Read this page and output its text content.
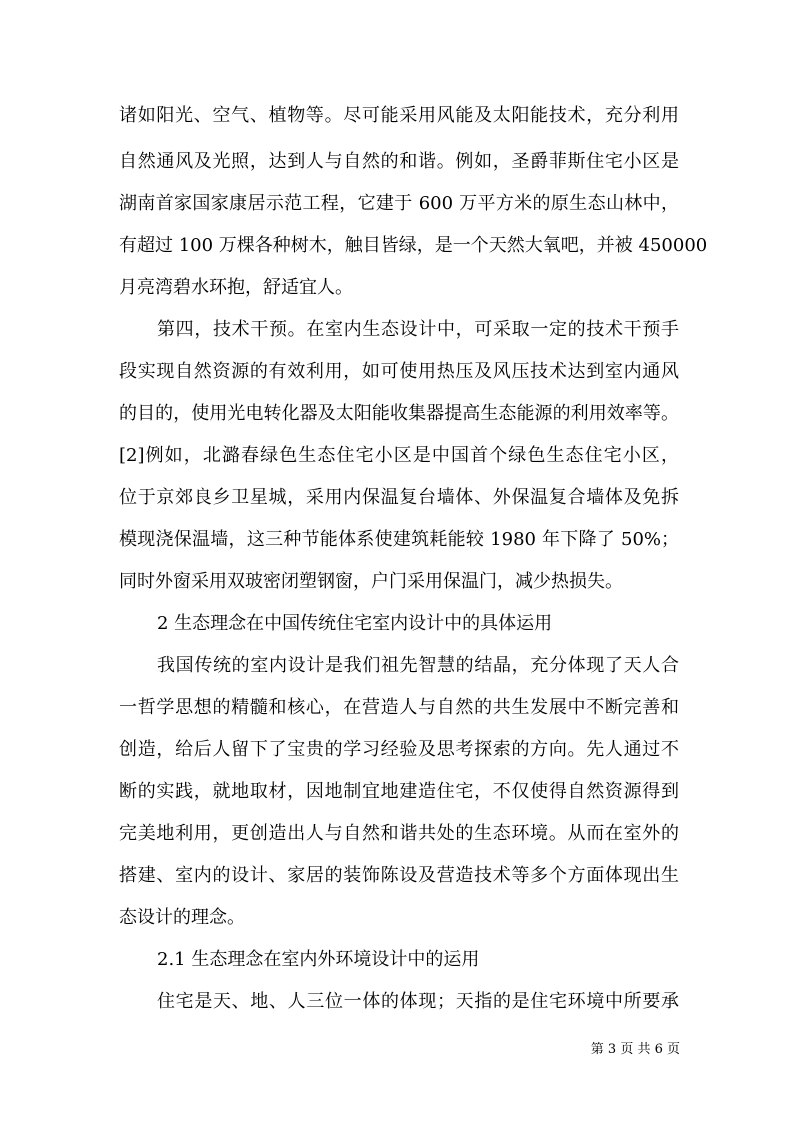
诸如阳光、空气、植物等。尽可能采用风能及太阳能技术，充分利用
自然通风及光照，达到人与自然的和谐。例如，圣爵菲斯住宅小区是
湖南首家国家康居示范工程，它建于 600 万平方米的原生态山林中，
有超过 100 万棵各种树木，触目皆绿，是一个天然大氧吧，并被 450000
月亮湾碧水环抱，舒适宜人。
第四，技术干预。在室内生态设计中，可采取一定的技术干预手
段实现自然资源的有效利用，如可使用热压及风压技术达到室内通风
的目的，使用光电转化器及太阳能收集器提高生态能源的利用效率等。
[2]例如，北潞春绿色生态住宅小区是中国首个绿色生态住宅小区，
位于京郊良乡卫星城，采用内保温复台墙体、外保温复合墙体及免拆
模现浇保温墙，这三种节能体系使建筑耗能较 1980 年下降了 50%；
同时外窗采用双玻密闭塑钢窗，户门采用保温门，减少热损失。
2 生态理念在中国传统住宅室内设计中的具体运用
我国传统的室内设计是我们祖先智慧的结晶，充分体现了天人合
一哲学思想的精髓和核心，在营造人与自然的共生发展中不断完善和
创造，给后人留下了宝贵的学习经验及思考探索的方向。先人通过不
断的实践，就地取材，因地制宜地建造住宅，不仅使得自然资源得到
完美地利用，更创造出人与自然和谐共处的生态环境。从而在室外的
搭建、室内的设计、家居的装饰陈设及营造技术等多个方面体现出生
态设计的理念。
2.1 生态理念在室内外环境设计中的运用
住宅是天、地、人三位一体的体现；天指的是住宅环境中所要承
第 3 页 共 6 页
